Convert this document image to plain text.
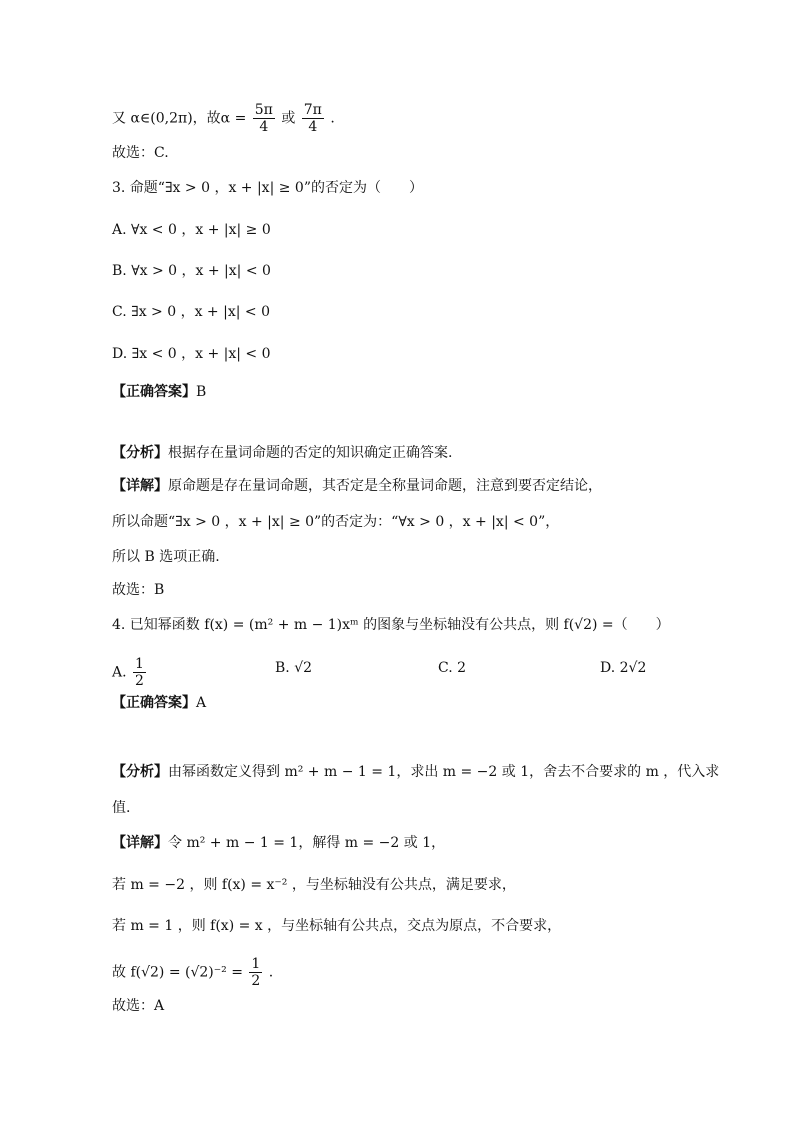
又 α∈(0,2π)，故$\alpha = \frac{5\pi}{4}$ 或 $\frac{7\pi}{4}$ .
故选：C.
3. 命题“∃x > 0 ，x + |x| ≥ 0”的否定为（　　）
A. ∀x < 0 ，x + |x| ≥ 0
B. ∀x > 0 ，x + |x| < 0
C. ∃x > 0 ，x + |x| < 0
D. ∃x < 0 ，x + |x| < 0
【正确答案】B
【分析】根据存在量词命题的否定的知识确定正确答案.
【详解】原命题是存在量词命题，其否定是全称量词命题，注意到要否定结论，
所以命题“∃x > 0 ，x + |x| ≥ 0”的否定为：“∀x > 0 ，x + |x| < 0”，
所以 B 选项正确.
故选：B
4. 已知幂函数 f(x) = (m² + m − 1)xᵐ 的图象与坐标轴没有公共点，则 f(√2) =（　　）
A. $\frac{1}{2}$	B. √2	C. 2	D. 2√2
【正确答案】A
【分析】由幂函数定义得到 m² + m − 1 = 1，求出 m = −2 或 1，舍去不合要求的 m ，代入求
值.
【详解】令 m² + m − 1 = 1，解得 m = −2 或 1，
若 m = −2 ，则 f(x) = x⁻² ，与坐标轴没有公共点，满足要求，
若 m = 1 ，则 f(x) = x ，与坐标轴有公共点，交点为原点，不合要求，
故 $f(√2) = (√2)^{-2} = \frac{1}{2}$ .
故选：A
